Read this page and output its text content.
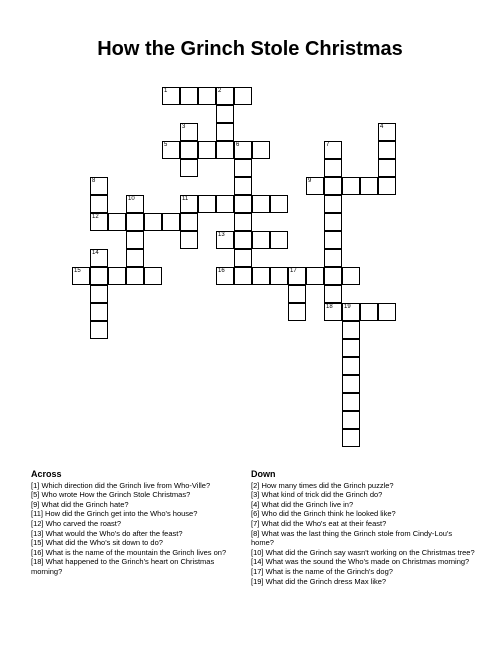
How the Grinch Stole Christmas
1	2
3	4
5	6	7
8	9
10	11
12
13
14
15	16	17
18 19
Across
[1] Which direction did the Grinch live from Who-Ville?
[5] Who wrote How the Grinch Stole Christmas?
[9] What did the Grinch hate?
[11] How did the Grinch get into the Who's house?
[12] Who carved the roast?
[13] What would the Who's do after the feast?
[15] What did the Who's sit down to do?
[16] What is the name of the mountain the Grinch lives on?
[18] What happened to the Grinch's heart on Christmas morning?
Down
[2] How many times did the Grinch puzzle?
[3] What kind of trick did the Grinch do?
[4] What did the Grinch live in?
[6] Who did the Grinch think he looked like?
[7] What did the Who's eat at their feast?
[8] What was the last thing the Grinch stole from Cindy-Lou's home?
[10] What did the Grinch say wasn't working on the Christmas tree?
[14] What was the sound the Who's made on Christmas morning?
[17] What is the name of the Grinch's dog?
[19] What did the Grinch dress Max like?
